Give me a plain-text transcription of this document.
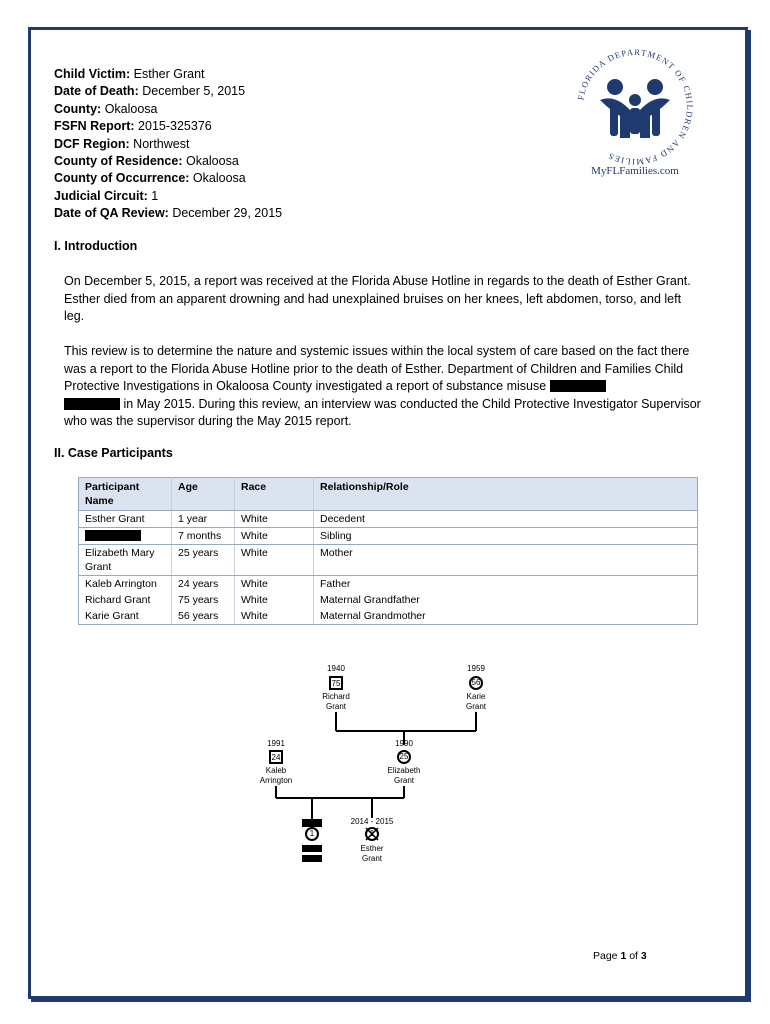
Child Victim: Esther Grant
Date of Death: December 5, 2015
County: Okaloosa
FSFN Report: 2015-325376
DCF Region: Northwest
County of Residence: Okaloosa
County of Occurrence: Okaloosa
Judicial Circuit: 1
Date of QA Review: December 29, 2015
FLORIDA DEPARTMENT OF CHILDREN AND FAMILIES
MyFLFamilies.com
I. Introduction
On December 5, 2015, a report was received at the Florida Abuse Hotline in regards to the death of Esther Grant. Esther died from an apparent drowning and had unexplained bruises on her knees, left abdomen, torso, and left leg.
This review is to determine the nature and systemic issues within the local system of care based on the fact there was a report to the Florida Abuse Hotline prior to the death of Esther. Department of Children and Families Child Protective Investigations in Okaloosa County investigated a report of substance misuse
in May 2015. During this review, an interview was conducted the Child Protective Investigator Supervisor who was the supervisor during the May 2015 report.
II. Case Participants
Participant Name	Age	Race	Relationship/Role
Esther Grant	1 year	White	Decedent
	7 months	White	Sibling
Elizabeth Mary Grant	25 years	White	Mother
Kaleb Arrington	24 years	White	Father
Richard Grant	75 years	White	Maternal Grandfather
Karie Grant	56 years	White	Maternal Grandmother
1940
75
Richard
Grant
1959
56
Karie
Grant
1991
24
Kaleb
Arrington
1990
25
Elizabeth
Grant
1
2014 - 2015
Esther
Grant
Page 1 of 3
